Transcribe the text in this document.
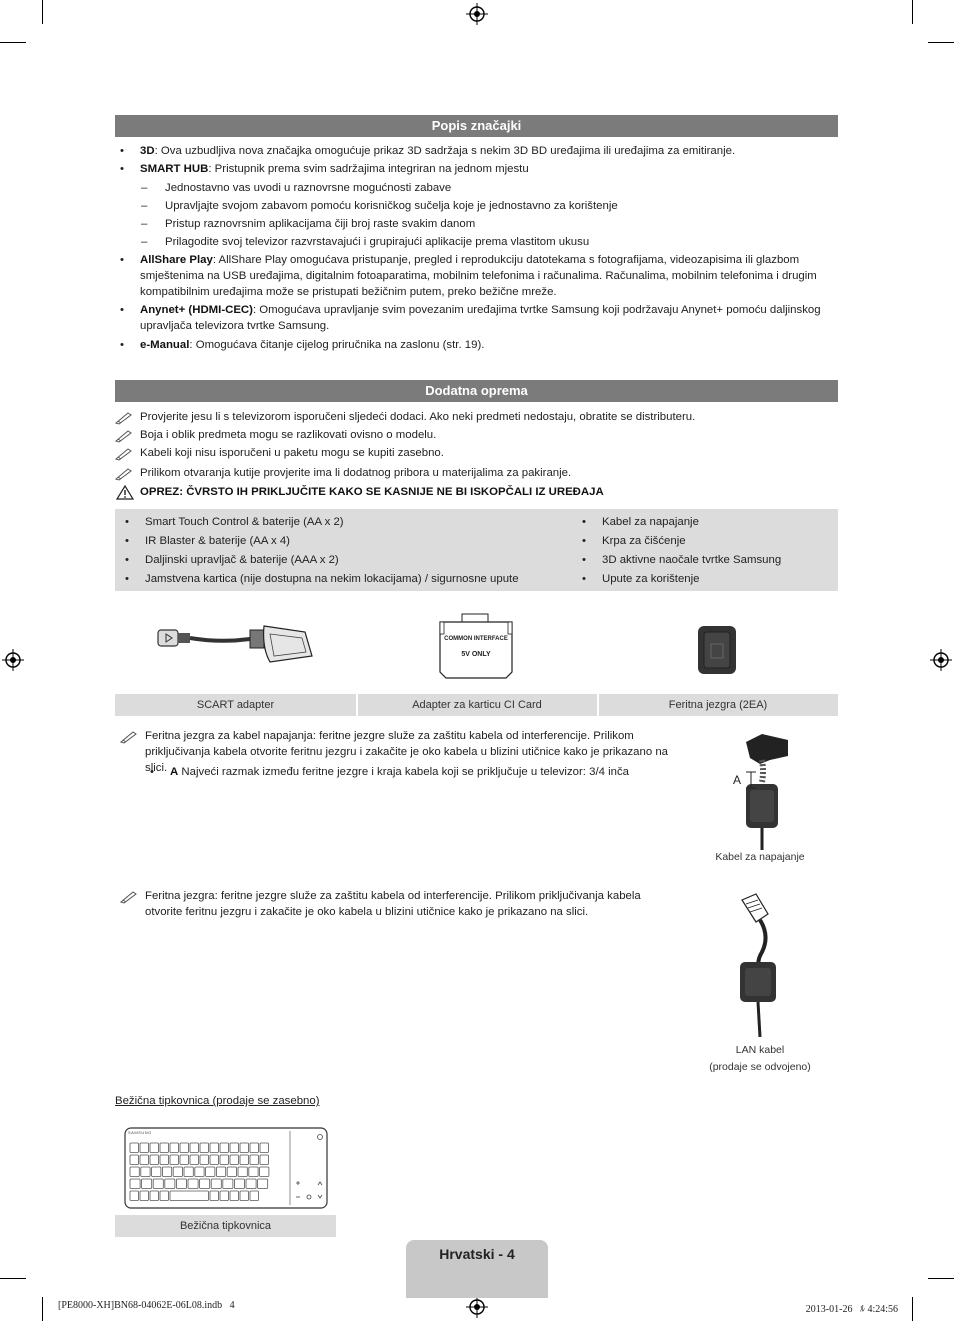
Popis značajki
• 3D: Ova uzbudljiva nova značajka omogućuje prikaz 3D sadržaja s nekim 3D BD uređajima ili uređajima za emitiranje.
• SMART HUB: Pristupnik prema svim sadržajima integriran na jednom mjestu
– Jednostavno vas uvodi u raznovrsne mogućnosti zabave
– Upravljajte svojom zabavom pomoću korisničkog sučelja koje je jednostavno za korištenje
– Pristup raznovrsnim aplikacijama čiji broj raste svakim danom
– Prilagodite svoj televizor razvrstavajući i grupirajući aplikacije prema vlastitom ukusu
• AllShare Play: AllShare Play omogućava pristupanje, pregled i reprodukciju datotekama s fotografijama, videozapisima ili glazbom smještenima na USB uređajima, digitalnim fotoaparatima, mobilnim telefonima i računalima. Računalima, mobilnim telefonima i drugim kompatibilnim uređajima može se pristupati bežičnim putem, preko bežične mreže.
• Anynet+ (HDMI-CEC): Omogućava upravljanje svim povezanim uređajima tvrtke Samsung koji podržavaju Anynet+ pomoću daljinskog upravljača televizora tvrtke Samsung.
• e-Manual: Omogućava čitanje cijelog priručnika na zaslonu (str. 19).
Dodatna oprema
Provjerite jesu li s televizorom isporučeni sljedeći dodaci. Ako neki predmeti nedostaju, obratite se distributeru.
Boja i oblik predmeta mogu se razlikovati ovisno o modelu.
Kabeli koji nisu isporučeni u paketu mogu se kupiti zasebno.
Prilikom otvaranja kutije provjerite ima li dodatnog pribora u materijalima za pakiranje.
OPREZ: ČVRSTO IH PRIKLJUČITE KAKO SE KASNIJE NE BI ISKOPČALI IZ UREĐAJA
• Smart Touch Control & baterije (AA x 2)
• IR Blaster & baterije (AA x 4)
• Daljinski upravljač & baterije (AAA x 2)
• Jamstvena kartica (nije dostupna na nekim lokacijama) / sigurnosne upute
• Kabel za napajanje
• Krpa za čišćenje
• 3D aktivne naočale tvrtke Samsung
• Upute za korištenje
COMMON INTERFACE
5V ONLY
SCART adapter	Adapter za karticu CI Card	Feritna jezgra (2EA)
Feritna jezgra za kabel napajanja: feritne jezgre služe za zaštitu kabela od interferencije. Prilikom priključivanja kabela otvorite feritnu jezgru i zakačite je oko kabela u blizini utičnice kako je prikazano na slici.
• A Najveći razmak između feritne jezgre i kraja kabela koji se priključuje u televizor: 3/4 inča
A
Kabel za napajanje
Feritna jezgra: feritne jezgre služe za zaštitu kabela od interferencije. Prilikom priključivanja kabela otvorite feritnu jezgru i zakačite je oko kabela u blizini utičnice kako je prikazano na slici.
LAN kabel
(prodaje se odvojeno)
Bežična tipkovnica (prodaje se zasebno)
SAMSUNG
Bežična tipkovnica
Hrvatski - 4
[PE8000-XH]BN68-04062E-06L08.indb   4	2013-01-26   ﾙ 4:24:56
